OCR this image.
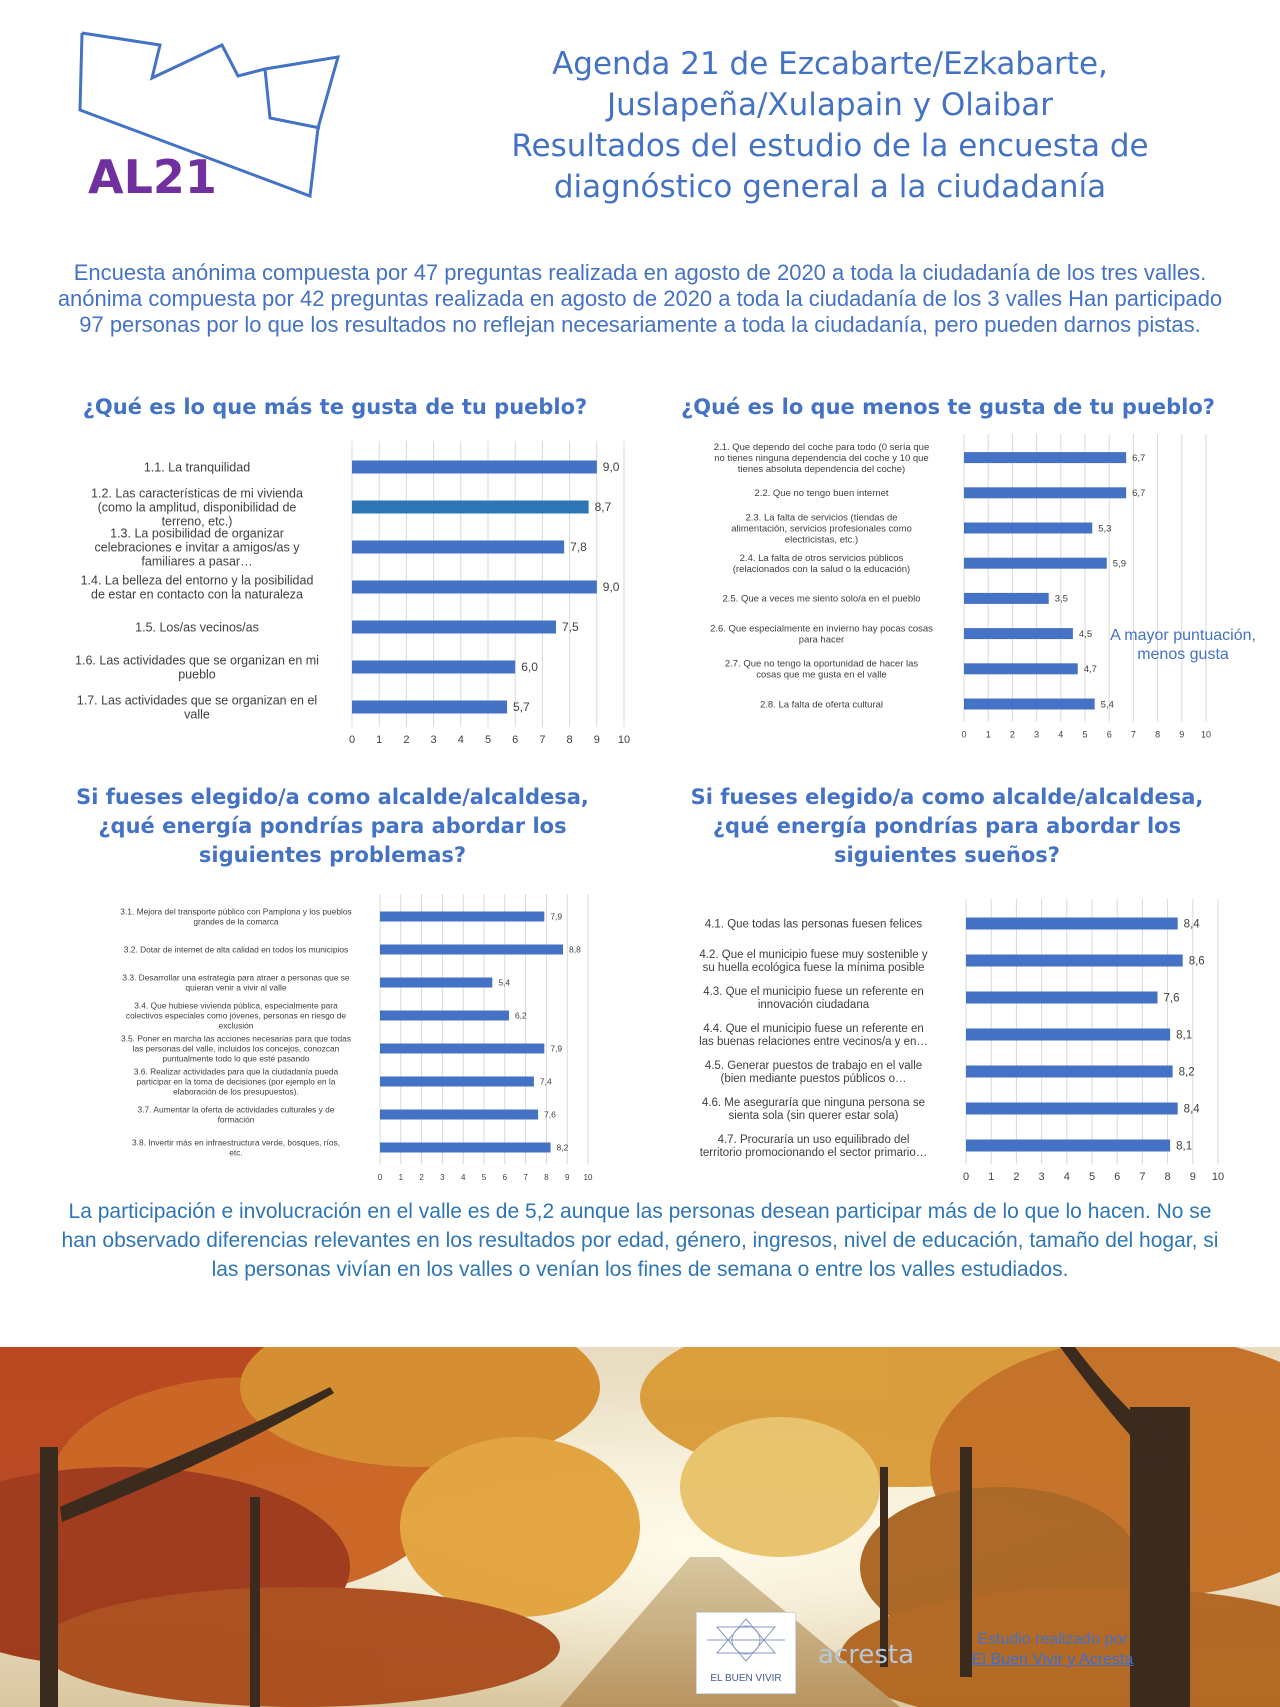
AL21
Agenda 21 de Ezcabarte/Ezkabarte,
Juslapeña/Xulapain y Olaibar
Resultados del estudio de la encuesta de
diagnóstico general a la ciudadanía
Encuesta anónima compuesta por 47 preguntas realizada en agosto de 2020 a toda la ciudadanía de los tres valles. anónima compuesta por 42 preguntas realizada en agosto de 2020 a toda la ciudadanía de los 3 valles Han participado 97 personas por lo que los resultados no reflejan necesariamente a toda la ciudadanía, pero pueden darnos pistas.
¿Qué es lo que más te gusta de tu pueblo?	¿Qué es lo que menos te gusta de tu pueblo?
Si fueses elegido/a como alcalde/alcaldesa, ¿qué energía pondrías para abordar los siguientes problemas?
Si fueses elegido/a como alcalde/alcaldesa, ¿qué energía pondrías para abordar los siguientes sueños?
0 1 2 3 4 5 6 7 8 9 10
9,0
1.1. La tranquilidad
8,7
1.2. Las características de mi vivienda (como la amplitud, disponibilidad de terreno, etc.)
7,8
1.3. La posibilidad de organizar celebraciones e invitar a amigos/as y familiares a pasar…
9,0
1.4. La belleza del entorno y la posibilidad de estar en contacto con la naturaleza
7,5
1.5. Los/as vecinos/as
6,0
1.6. Las actividades que se organizan en mi pueblo
5,7
1.7. Las actividades que se organizan en el valle
0 1 2 3 4 5 6 7 8 9 10
6,7
2.1. Que dependo del coche para todo (0 sería que no tienes ninguna dependencia del coche y 10 que tienes absoluta dependencia del coche)
6,7
2.2. Que no tengo buen internet
5,3
2.3. La falta de servicios (tiendas de alimentación, servicios profesionales como electricistas, etc.)
5,9
2.4. La falta de otros servicios públicos (relacionados con la salud o la educación)
3,5
2.5. Que a veces me siento solo/a en el pueblo
4,5
2.6. Que especialmente en invierno hay pocas cosas para hacer
4,7
2.7. Que no tengo la oportunidad de hacer las cosas que me gusta en el valle
5,4
2.8. La falta de oferta cultural
0 1 2 3 4 5 6 7 8 9 10
7,9
3.1. Mejora del transporte público con Pamplona y los pueblos grandes de la comarca
8,8
3.2. Dotar de internet de alta calidad en todos los municipios
5,4
3.3. Desarrollar una estrategia para atraer a personas que se quieran venir a vivir al valle
6,2
3.4. Que hubiese vivienda pública, especialmente para colectivos especiales como jóvenes, personas en riesgo de exclusión
7,9
3.5. Poner en marcha las acciones necesarias para que todas las personas del valle, incluidos los concejos, conozcan puntualmente todo lo que esté pasando
7,4
3.6. Realizar actividades para que la ciudadanía pueda participar en la toma de decisiones (por ejemplo en la elaboración de los presupuestos).
7,6
3.7. Aumentar la oferta de actividades culturales y de formación
8,2
3.8. Invertir más en infraestructura verde, bosques, ríos, etc.
0 1 2 3 4 5 6 7 8 9 10
8,4
4.1. Que todas las personas fuesen felices
8,6
4.2. Que el municipio fuese muy sostenible y su huella ecológica fuese la mínima posible
7,6
4.3. Que el municipio fuese un referente en innovación ciudadana
8,1
4.4. Que el municipio fuese un referente en las buenas relaciones entre vecinos/a y en…
8,2
4.5. Generar puestos de trabajo en el valle (bien mediante puestos públicos o…
8,4
4.6. Me aseguraría que ninguna persona se sienta sola (sin querer estar sola)
8,1
4.7. Procuraría un uso equilibrado del territorio promocionando el sector primario…
A mayor puntuación, menos gusta
La participación e involucración en el valle es de 5,2 aunque las personas desean participar más de lo que lo hacen. No se han observado diferencias relevantes en los resultados por edad, género, ingresos, nivel de educación, tamaño del hogar, si las personas vivían en los valles o venían los fines de semana o entre los valles estudiados.
EL BUEN VIVIR
acresta
Estudio realizado por
El Buen Vivir y Acresta
